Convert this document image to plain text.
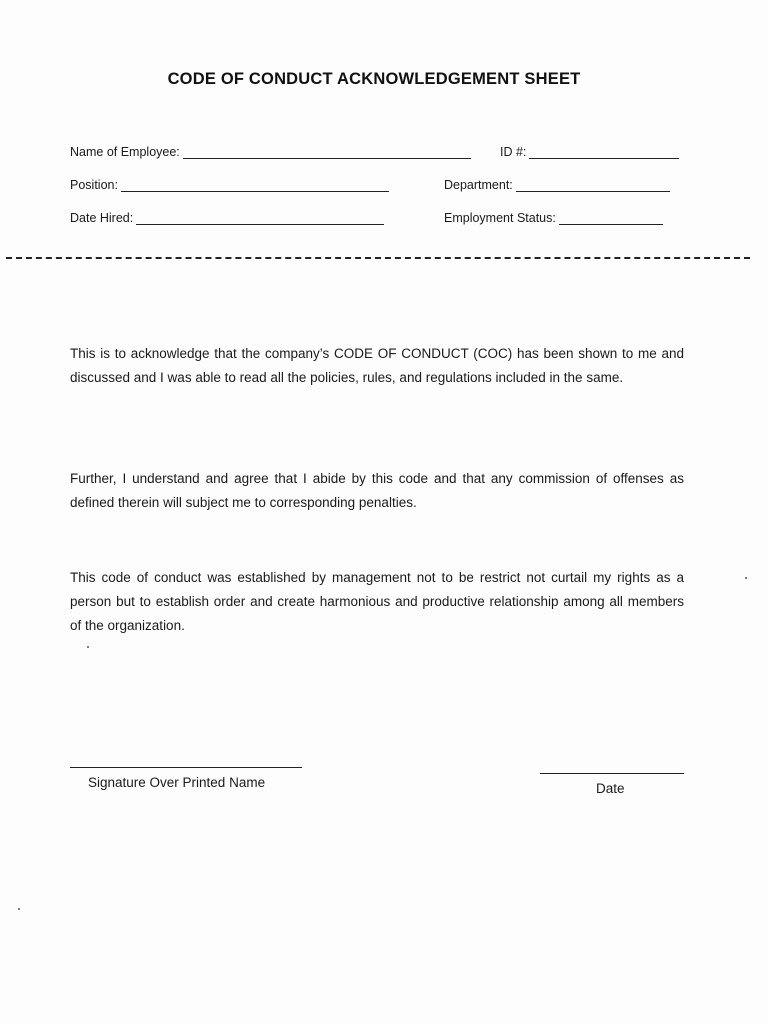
CODE OF CONDUCT ACKNOWLEDGEMENT SHEET
Name of Employee:	ID #:
Position:	Department:
Date Hired:	Employment Status:
This is to acknowledge that the company’s CODE OF CONDUCT (COC) has been shown to me and discussed and I was able to read all the policies, rules, and regulations included in the same.
Further, I understand and agree that I abide by this code and that any commission of offenses as defined therein will subject me to corresponding penalties.
This code of conduct was established by management not to be restrict not curtail my rights as a person but to establish order and create harmonious and productive relationship among all members of the organization.
Signature Over Printed Name	Date
